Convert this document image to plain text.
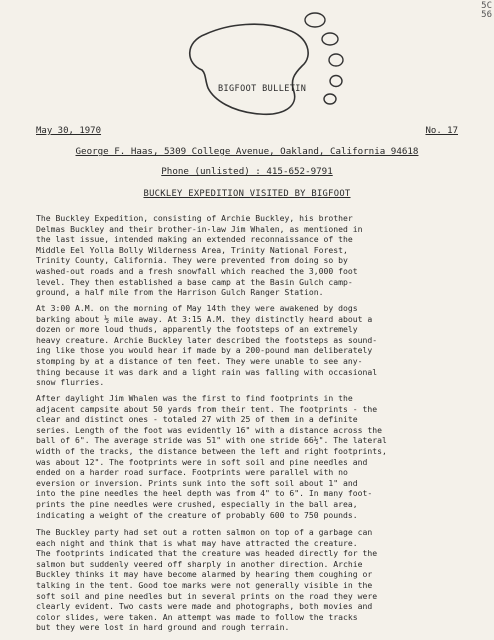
5C
56
BIGFOOT BULLETIN
May 30, 1970	No. 17
George F. Haas, 5309 College Avenue, Oakland, California 94618
Phone (unlisted) : 415-652-9791
BUCKLEY EXPEDITION VISITED BY BIGFOOT

The Buckley Expedition, consisting of Archie Buckley, his brother
Delmas Buckley and their brother-in-law Jim Whalen, as mentioned in
the last issue, intended making an extended reconnaissance of the
Middle Eel Yolla Bolly Wilderness Area, Trinity National Forest,
Trinity County, California. They were prevented from doing so by
washed-out roads and a fresh snowfall which reached the 3,000 foot
level. They then established a base camp at the Basin Gulch camp-
ground, a half mile from the Harrison Gulch Ranger Station.

At 3:00 A.M. on the morning of May 14th they were awakened by dogs
barking about ½ mile away. At 3:15 A.M. they distinctly heard about a
dozen or more loud thuds, apparently the footsteps of an extremely
heavy creature. Archie Buckley later described the footsteps as sound-
ing like those you would hear if made by a 200-pound man deliberately
stomping by at a distance of ten feet. They were unable to see any-
thing because it was dark and a light rain was falling with occasional
snow flurries.

After daylight Jim Whalen was the first to find footprints in the
adjacent campsite about 50 yards from their tent. The footprints - the
clear and distinct ones - totaled 27 with 25 of them in a definite
series. Length of the foot was evidently 16" with a distance across the
ball of 6". The average stride was 51" with one stride 66½". The lateral
width of the tracks, the distance between the left and right footprints,
was about 12". The footprints were in soft soil and pine needles and
ended on a harder road surface. Footprints were parallel with no
eversion or inversion. Prints sunk into the soft soil about 1" and
into the pine needles the heel depth was from 4" to 6". In many foot-
prints the pine needles were crushed, especially in the ball area,
indicating a weight of the creature of probably 600 to 750 pounds.

The Buckley party had set out a rotten salmon on top of a garbage can
each night and think that is what may have attracted the creature.
The footprints indicated that the creature was headed directly for the
salmon but suddenly veered off sharply in another direction. Archie
Buckley thinks it may have become alarmed by hearing them coughing or
talking in the tent. Good toe marks were not generally visible in the
soft soil and pine needles but in several prints on the road they were
clearly evident. Two casts were made and photographs, both movies and
color slides, were taken. An attempt was made to follow the tracks
but they were lost in hard ground and rough terrain.
